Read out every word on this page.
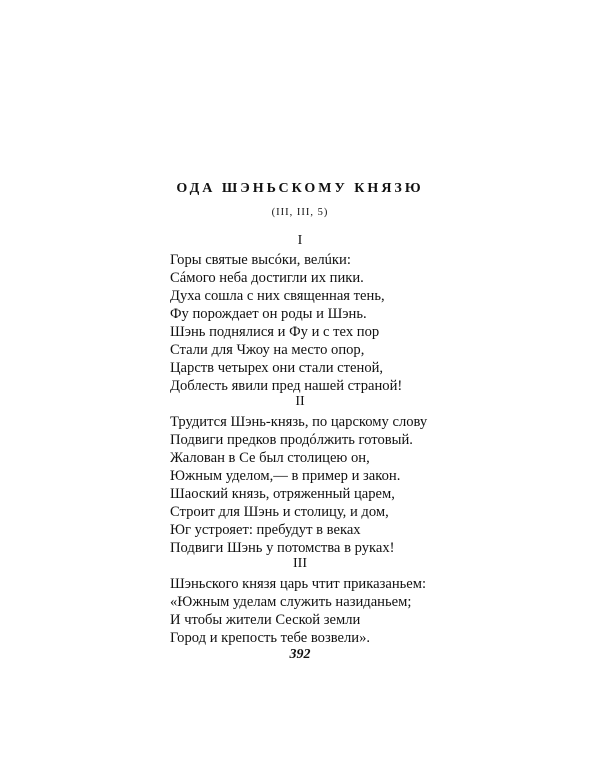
ОДА ШЭНЬСКОМУ КНЯЗЮ
(III, III, 5)
I
Горы святые высóки, велúки:
Сáмого неба достигли их пики.
Духа сошла с них священная тень,
Фу порождает он роды и Шэнь.
Шэнь поднялися и Фу и с тех пор
Стали для Чжоу на место опор,
Царств четырех они стали стеной,
Доблесть явили пред нашей страной!
II
Трудится Шэнь-князь, по царскому слову
Подвиги предков продóлжить готовый.
Жалован в Се был столицею он,
Южным уделом,— в пример и закон.
Шаоский князь, отряженный царем,
Строит для Шэнь и столицу, и дом,
Юг устрояет: пребудут в веках
Подвиги Шэнь у потомства в руках!
III
Шэньского князя царь чтит приказаньем:
«Южным уделам служить назиданьем;
И чтобы жители Сеской земли
Город и крепость тебе возвели».
392
